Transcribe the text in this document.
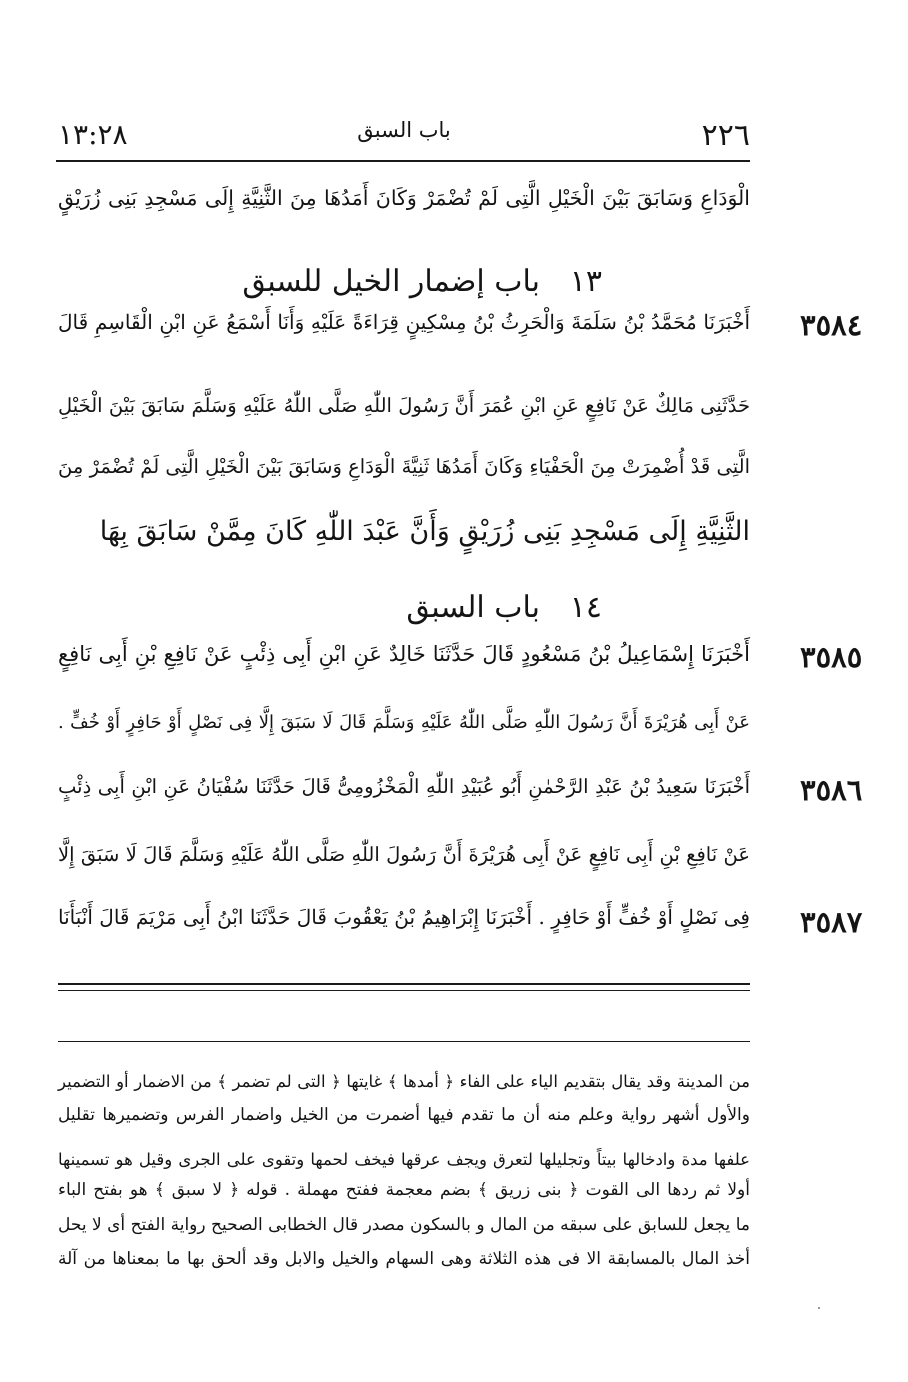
٢٢٦
باب السبق
١٣:٢٨
الْوَدَاعِ وَسَابَقَ بَيْنَ الْخَيْلِ الَّتِى لَمْ تُضْمَرْ وَكَانَ أَمَدُهَا مِنَ الثَّنِيَّةِ إِلَى مَسْجِدِ بَنِى زُرَيْقٍ
١٣
باب إضمار الخيل للسبق
٣٥٨٤
أَخْبَرَنَا مُحَمَّدُ بْنُ سَلَمَةَ وَالْحَرِثُ بْنُ مِسْكِينٍ قِرَاءَةً عَلَيْهِ وَأَنَا أَسْمَعُ عَنِ ابْنِ الْقَاسِمِ قَالَ
حَدَّثَنِى مَالِكٌ عَنْ نَافِعٍ عَنِ ابْنِ عُمَرَ أَنَّ رَسُولَ اللّٰهِ صَلَّى اللّٰهُ عَلَيْهِ وَسَلَّمَ سَابَقَ بَيْنَ الْخَيْلِ
الَّتِى قَدْ أُضْمِرَتْ مِنَ الْحَفْيَاءِ وَكَانَ أَمَدُهَا ثَنِيَّةَ الْوَدَاعِ وَسَابَقَ بَيْنَ الْخَيْلِ الَّتِى لَمْ تُضْمَرْ مِنَ
الثَّنِيَّةِ إِلَى مَسْجِدِ بَنِى زُرَيْقٍ وَأَنَّ عَبْدَ اللّٰهِ كَانَ مِمَّنْ سَابَقَ بِهَا
١٤
باب السبق
٣٥٨٥
أَخْبَرَنَا إِسْمَاعِيلُ بْنُ مَسْعُودٍ قَالَ حَدَّثَنَا خَالِدٌ عَنِ ابْنِ أَبِى ذِئْبٍ عَنْ نَافِعِ بْنِ أَبِى نَافِعٍ
عَنْ أَبِى هُرَيْرَةَ أَنَّ رَسُولَ اللّٰهِ صَلَّى اللّٰهُ عَلَيْهِ وَسَلَّمَ قَالَ لَا سَبَقَ إِلَّا فِى نَصْلٍ أَوْ حَافِرٍ أَوْ خُفٍّ .
٣٥٨٦
أَخْبَرَنَا سَعِيدُ بْنُ عَبْدِ الرَّحْمٰنِ أَبُو عُبَيْدِ اللّٰهِ الْمَخْزُومِىُّ قَالَ حَدَّثَنَا سُفْيَانُ عَنِ ابْنِ أَبِى ذِئْبٍ
عَنْ نَافِعِ بْنِ أَبِى نَافِعٍ عَنْ أَبِى هُرَيْرَةَ أَنَّ رَسُولَ اللّٰهِ صَلَّى اللّٰهُ عَلَيْهِ وَسَلَّمَ قَالَ لَا سَبَقَ إِلَّا
٣٥٨٧
فِى نَصْلٍ أَوْ خُفٍّ أَوْ حَافِرٍ . أَخْبَرَنَا إِبْرَاهِيمُ بْنُ يَعْقُوبَ قَالَ حَدَّثَنَا ابْنُ أَبِى مَرْيَمَ قَالَ أَنْبَأَنَا
من المدينة وقد يقال بتقديم الياء على الفاء ﴿ أمدها ﴾ غايتها ﴿ التى لم تضمر ﴾ من الاضمار أو التضمير
والأول أشهر رواية وعلم منه أن ما تقدم فيها أضمرت من الخيل واضمار الفرس وتضميرها تقليل
علفها مدة وادخالها بيتاً وتجليلها لتعرق ويجف عرقها فيخف لحمها وتقوى على الجرى وقيل هو تسمينها
أولا ثم ردها الى القوت ﴿ بنى زريق ﴾ بضم معجمة ففتح مهملة . قوله ﴿ لا سبق ﴾ هو بفتح الباء
ما يجعل للسابق على سبقه من المال و بالسكون مصدر قال الخطابى الصحيح رواية الفتح أى لا يحل
أخذ المال بالمسابقة الا فى هذه الثلاثة وهى السهام والخيل والابل وقد ألحق بها ما بمعناها من آلة
